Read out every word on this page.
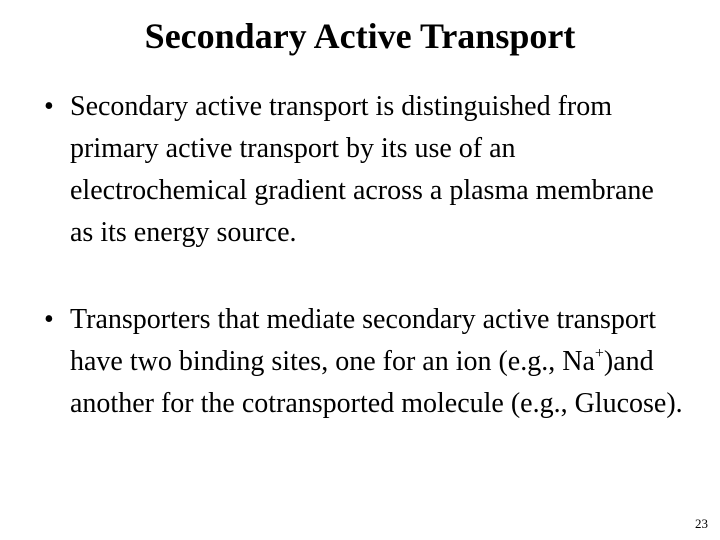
Secondary Active Transport

• Secondary active transport is distinguished from primary active transport by its use of an electrochemical gradient across a plasma membrane as its energy source.

• Transporters that mediate secondary active transport have two binding sites, one for an ion (e.g., Na+)and another for the cotransported molecule (e.g., Glucose).

23
